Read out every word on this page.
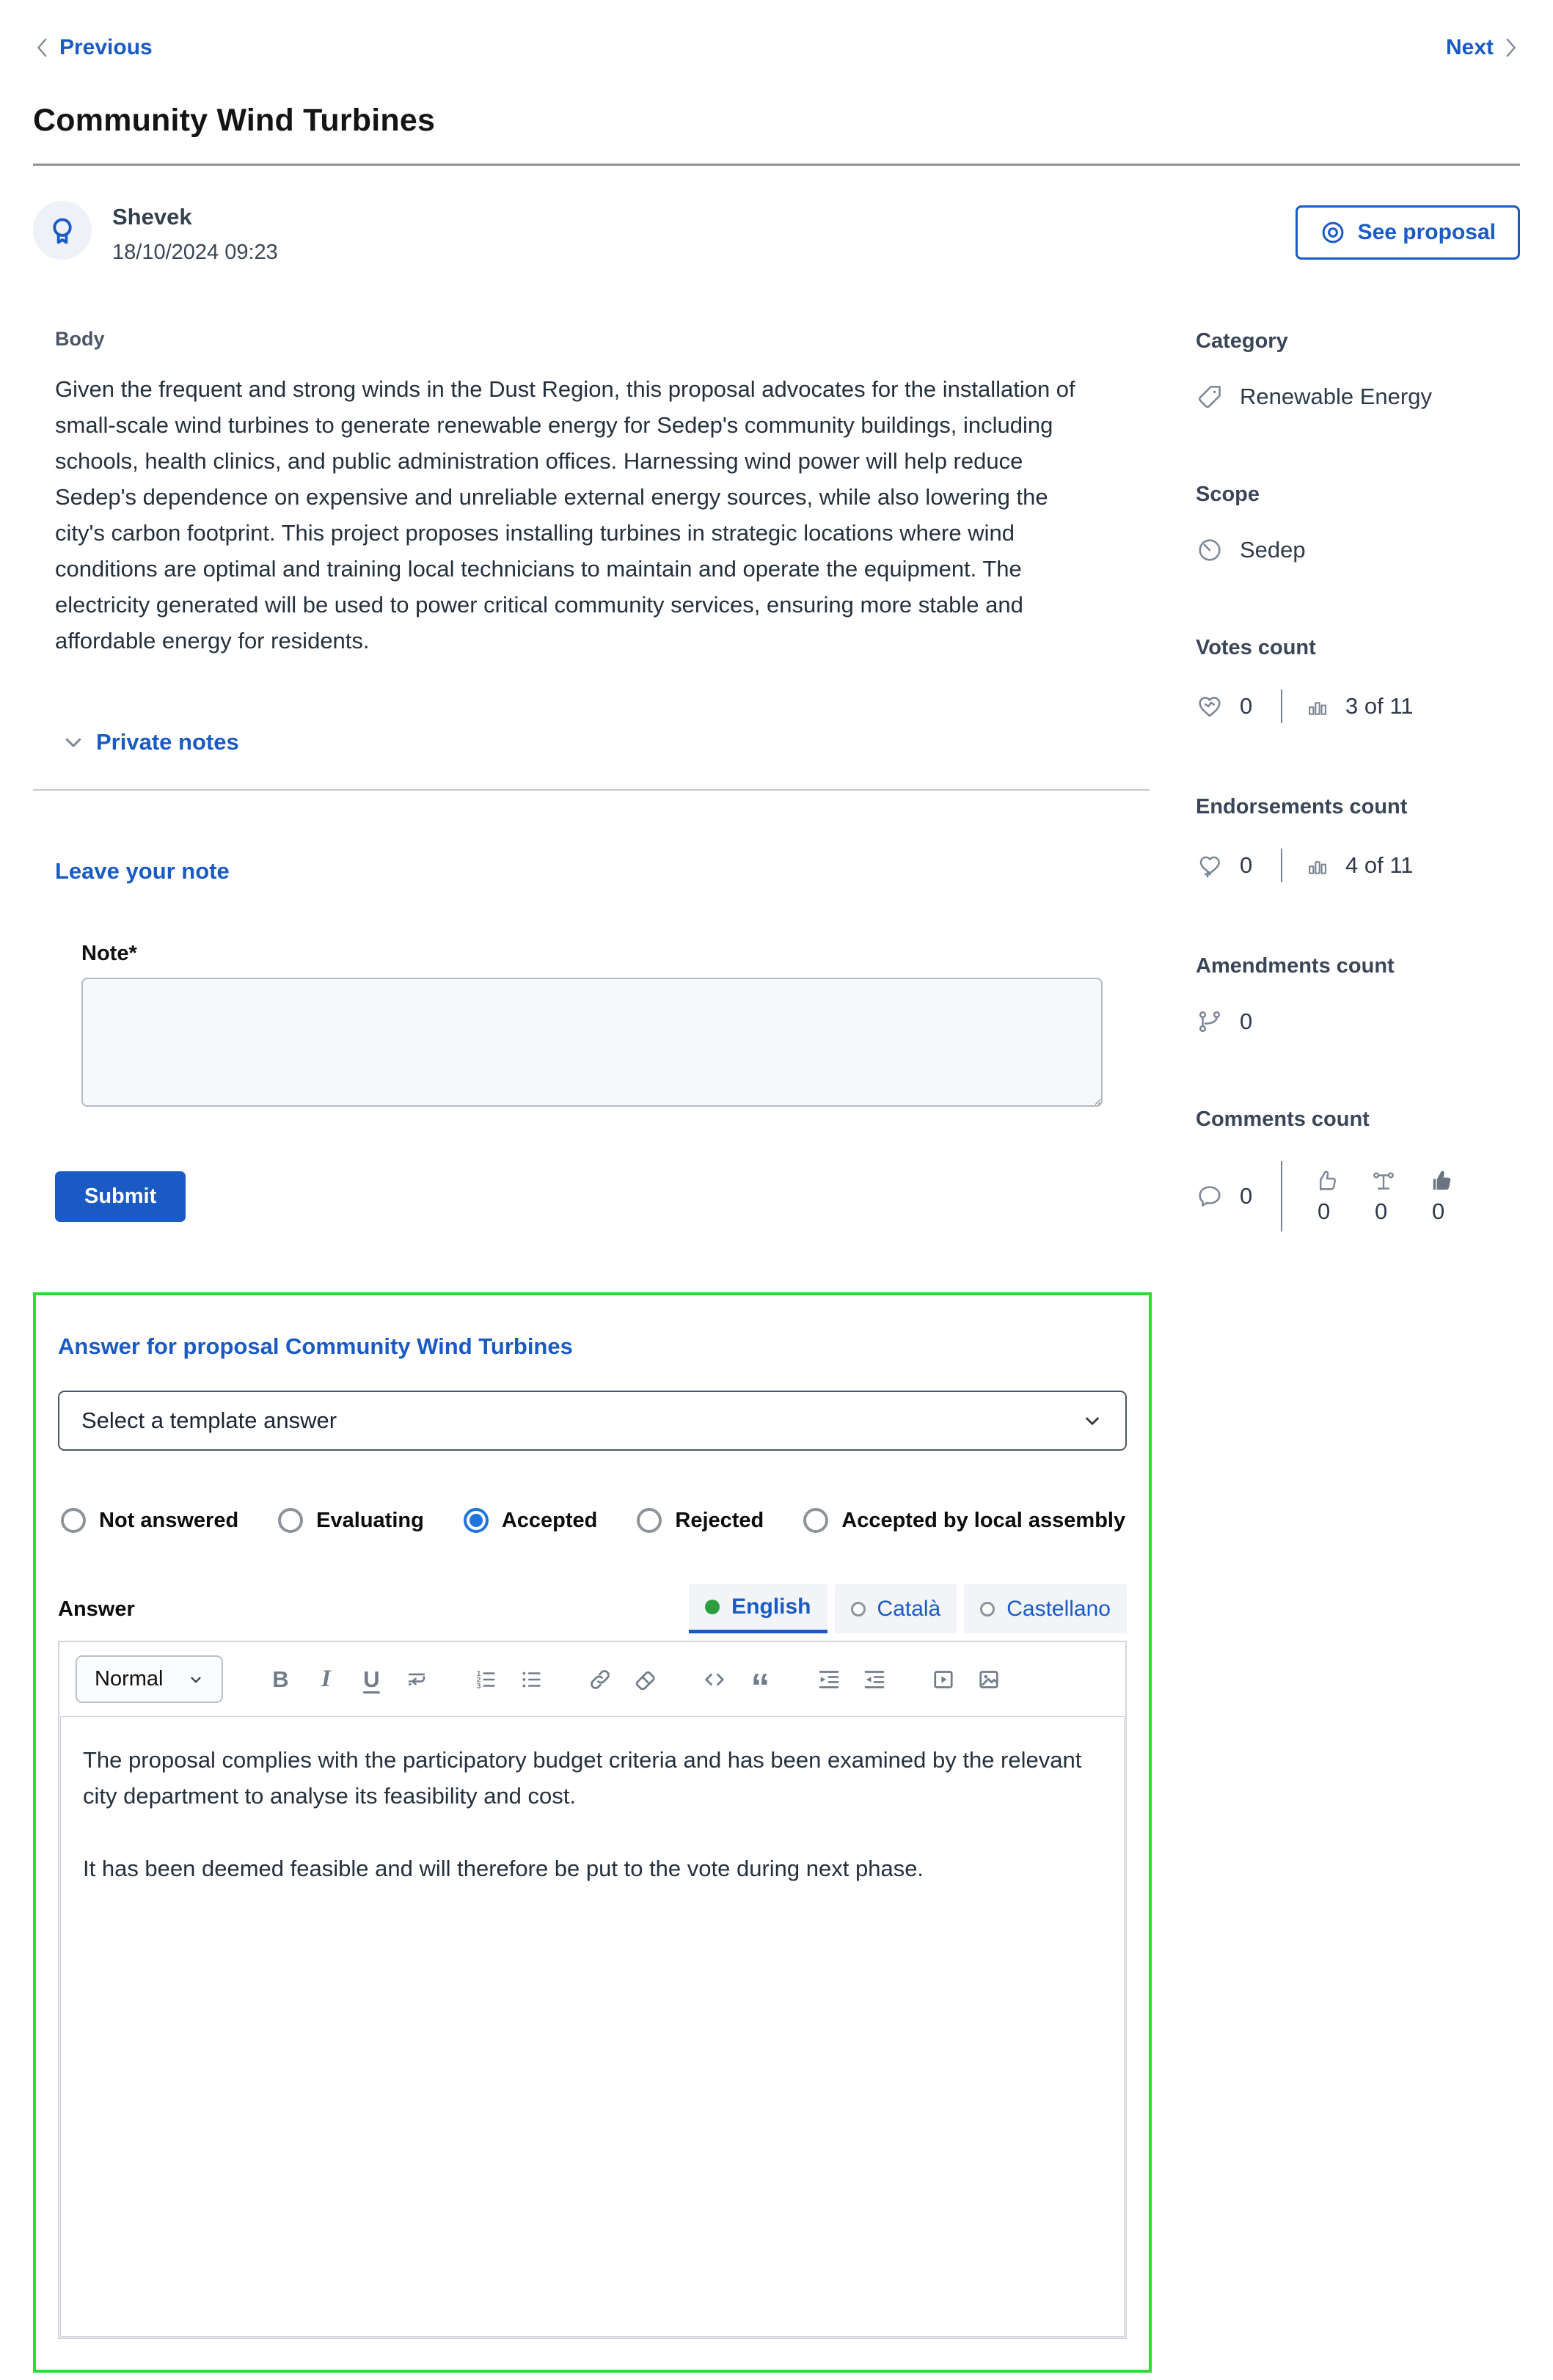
Previous	Next
Community Wind Turbines
Shevek
18/10/2024 09:23
See proposal
Body

Given the frequent and strong winds in the Dust Region, this proposal advocates for the installation of small-scale wind turbines to generate renewable energy for Sedep's community buildings, including schools, health clinics, and public administration offices. Harnessing wind power will help reduce Sedep's dependence on expensive and unreliable external energy sources, while also lowering the city's carbon footprint. This project proposes installing turbines in strategic locations where wind conditions are optimal and training local technicians to maintain and operate the equipment. The electricity generated will be used to power critical community services, ensuring more stable and affordable energy for residents.

Private notes
Leave your note
Note*
Submit
Answer for proposal Community Wind Turbines
Select a template answer
Not answered	Evaluating	Accepted	Rejected	Accepted by local assembly
Answer	English	Català	Castellano
Normal	B I U	1
2
3	“

The proposal complies with the participatory budget criteria and has been examined by the relevant city department to analyse its feasibility and cost.

It has been deemed feasible and will therefore be put to the vote during next phase.

Category
Renewable Energy
Scope
Sedep
Votes count
0	3 of 11
Endorsements count
0	4 of 11
Amendments count
0
Comments count
0
0 0 0
